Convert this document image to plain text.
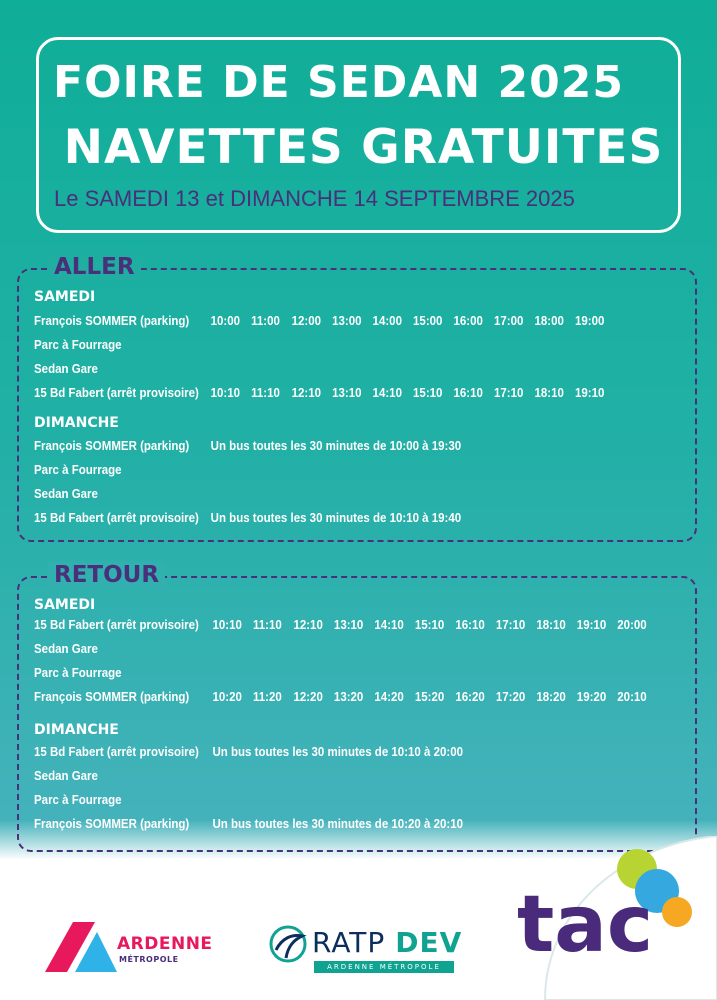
FOIRE DE SEDAN 2025
NAVETTES GRATUITES
Le SAMEDI 13 et DIMANCHE 14 SEPTEMBRE 2025
ALLER
SAMEDI
François SOMMER (parking) 10:00 11:00 12:00 13:00 14:00 15:00 16:00 17:00 18:00 19:00
Parc à Fourrage
Sedan Gare
15 Bd Fabert (arrêt provisoire) 10:10 11:10 12:10 13:10 14:10 15:10 16:10 17:10 18:10 19:10
DIMANCHE
François SOMMER (parking) Un bus toutes les 30 minutes de 10:00 à 19:30
Parc à Fourrage
Sedan Gare
15 Bd Fabert (arrêt provisoire) Un bus toutes les 30 minutes de 10:10 à 19:40
RETOUR
SAMEDI
15 Bd Fabert (arrêt provisoire) 10:10 11:10 12:10 13:10 14:10 15:10 16:10 17:10 18:10 19:10 20:00
Sedan Gare
Parc à Fourrage
François SOMMER (parking) 10:20 11:20 12:20 13:20 14:20 15:20 16:20 17:20 18:20 19:20 20:10
DIMANCHE
15 Bd Fabert (arrêt provisoire) Un bus toutes les 30 minutes de 10:10 à 20:00
Sedan Gare
Parc à Fourrage
François SOMMER (parking) Un bus toutes les 30 minutes de 10:20 à 20:10
ARDENNE
MÉTROPOLE
RATP DEV
ARDENNE MÉTROPOLE tac
